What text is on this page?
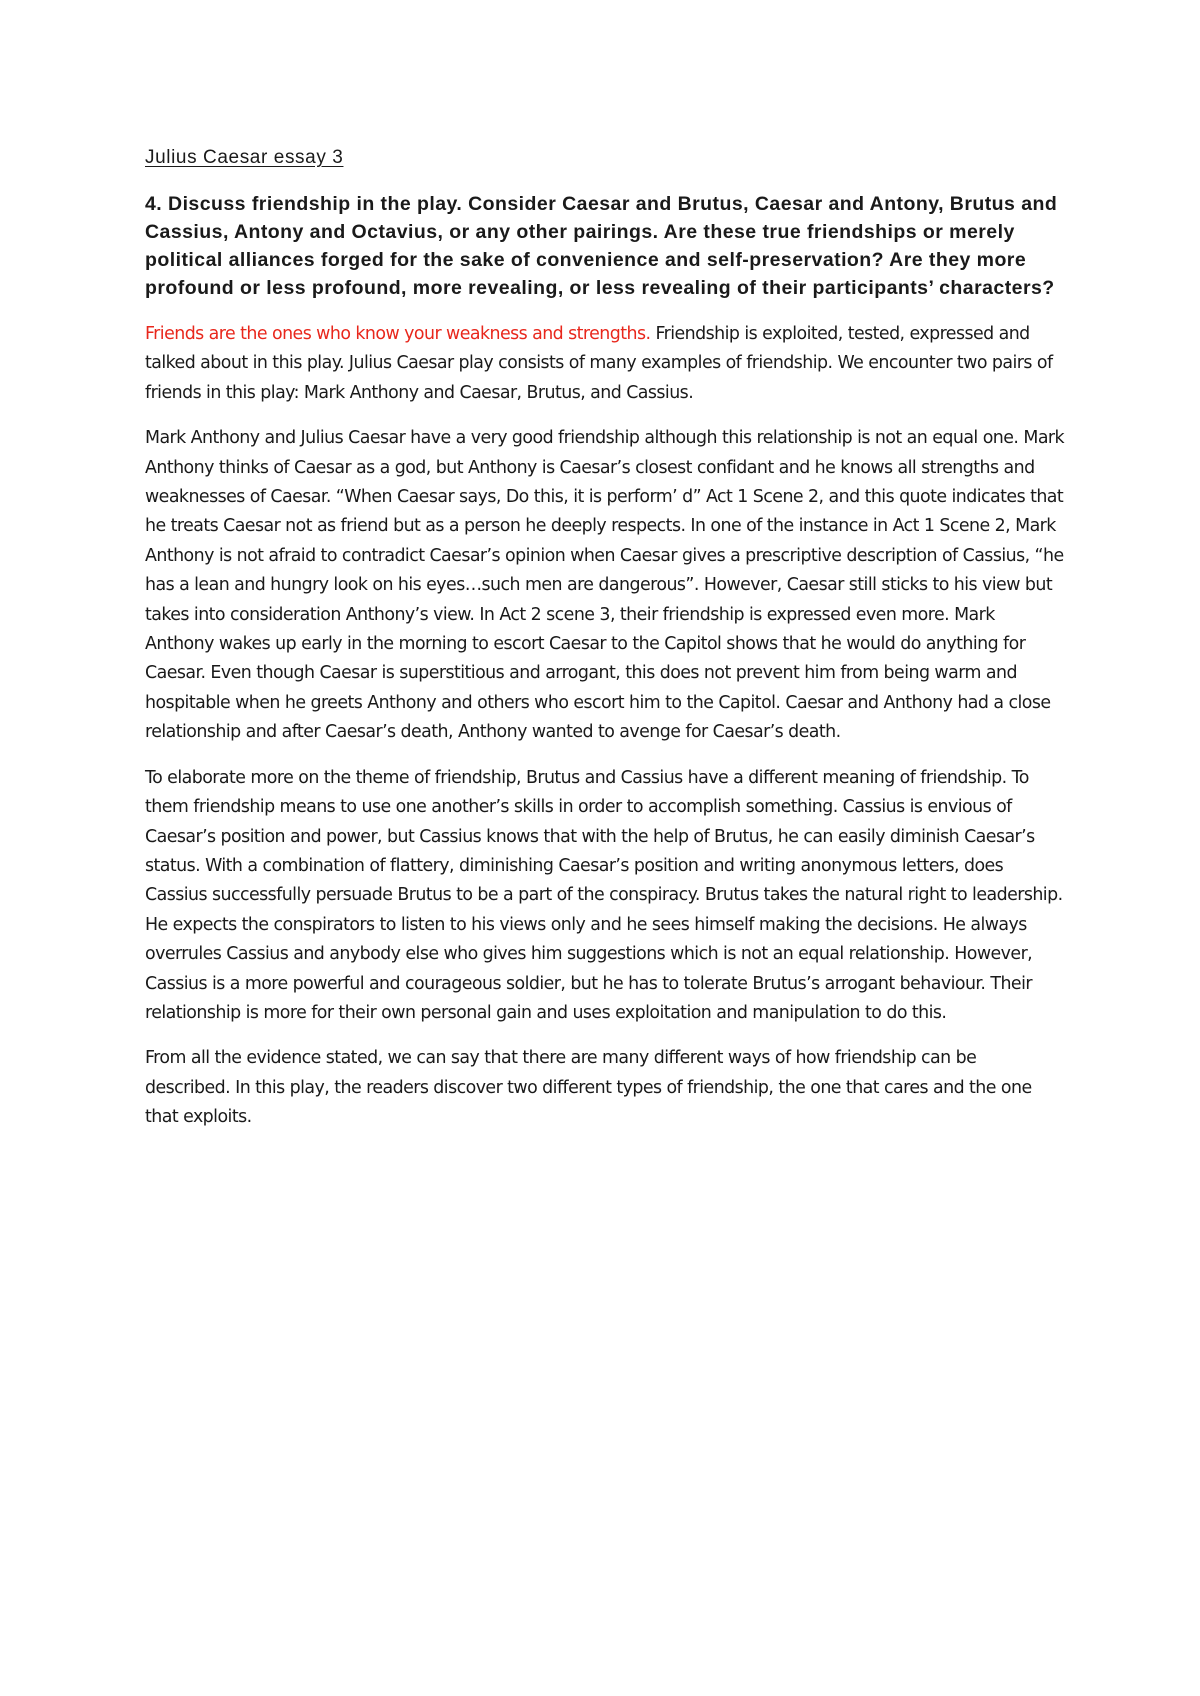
Julius Caesar essay 3

4. Discuss friendship in the play. Consider Caesar and Brutus, Caesar and Antony, Brutus and Cassius, Antony and Octavius, or any other pairings. Are these true friendships or merely political alliances forged for the sake of convenience and self-preservation? Are they more profound or less profound, more revealing, or less revealing of their participants’ characters?

Friends are the ones who know your weakness and strengths. Friendship is exploited, tested, expressed and talked about in this play. Julius Caesar play consists of many examples of friendship. We encounter two pairs of friends in this play: Mark Anthony and Caesar, Brutus, and Cassius.

Mark Anthony and Julius Caesar have a very good friendship although this relationship is not an equal one. Mark Anthony thinks of Caesar as a god, but Anthony is Caesar’s closest confidant and he knows all strengths and weaknesses of Caesar. “When Caesar says, Do this, it is perform’ d” Act 1 Scene 2, and this quote indicates that he treats Caesar not as friend but as a person he deeply respects. In one of the instance in Act 1 Scene 2, Mark Anthony is not afraid to contradict Caesar’s opinion when Caesar gives a prescriptive description of Cassius, “he has a lean and hungry look on his eyes…such men are dangerous”. However, Caesar still sticks to his view but takes into consideration Anthony’s view. In Act 2 scene 3, their friendship is expressed even more. Mark Anthony wakes up early in the morning to escort Caesar to the Capitol shows that he would do anything for Caesar. Even though Caesar is superstitious and arrogant, this does not prevent him from being warm and hospitable when he greets Anthony and others who escort him to the Capitol. Caesar and Anthony had a close relationship and after Caesar’s death, Anthony wanted to avenge for Caesar’s death.

To elaborate more on the theme of friendship, Brutus and Cassius have a different meaning of friendship. To them friendship means to use one another’s skills in order to accomplish something. Cassius is envious of Caesar’s position and power, but Cassius knows that with the help of Brutus, he can easily diminish Caesar’s status. With a combination of flattery, diminishing Caesar’s position and writing anonymous letters, does Cassius successfully persuade Brutus to be a part of the conspiracy. Brutus takes the natural right to leadership. He expects the conspirators to listen to his views only and he sees himself making the decisions. He always overrules Cassius and anybody else who gives him suggestions which is not an equal relationship. However, Cassius is a more powerful and courageous soldier, but he has to tolerate Brutus’s arrogant behaviour. Their relationship is more for their own personal gain and uses exploitation and manipulation to do this.

From all the evidence stated, we can say that there are many different ways of how friendship can be described. In this play, the readers discover two different types of friendship, the one that cares and the one that exploits.
